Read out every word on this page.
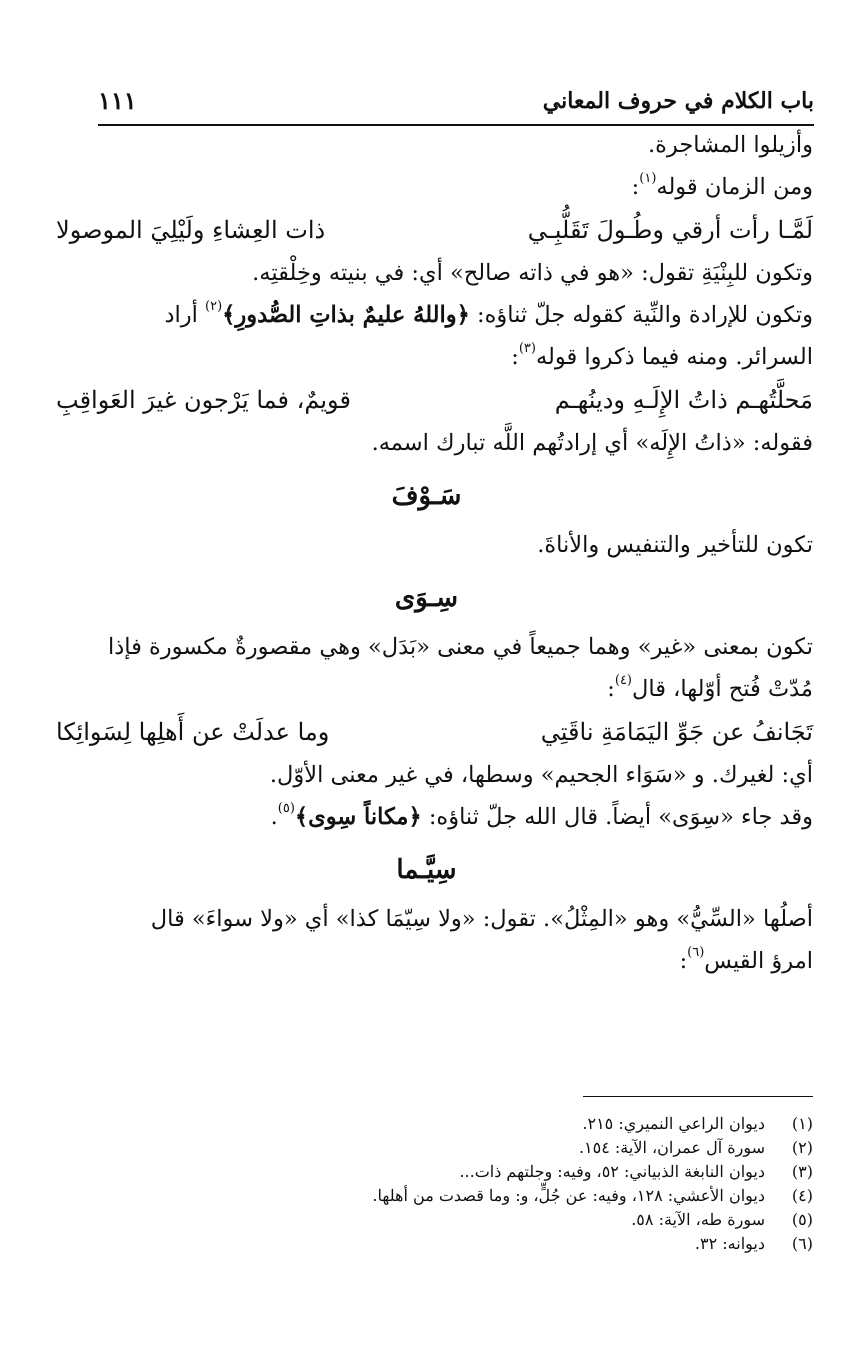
باب الكلام في حروف المعاني
١١١

وأزيلوا المشاجرة.

ومن الزمان قوله$^{(١)}$:

لَمَّـا رأت أرقي وطُـولَ تَقَلُّبِـي
ذات العِشاءِ ولَيْلِيَ الموصولا

وتكون للبِنْيَةِ تقول: «هو في ذاته صالح» أي: في بنيته وخِلْقتِه.

وتكون للإرادة والنِّية كقوله جلّ ثناؤه: ﴿واللهُ عليمٌ بذاتِ الصُّدورِ﴾$^{(٢)}$ أراد

السرائر. ومنه فيما ذكروا قوله$^{(٣)}$:

مَحلَّتُهـم ذاتُ الإِلَـهِ ودينُهـم
قويمٌ، فما يَرْجون غيرَ العَواقِبِ

فقوله: «ذاتُ الإِلَه» أي إرادتُهم اللَّه تبارك اسمه.

سَـوْفَ

تكون للتأخير والتنفيس والأناةَ.

سِـوَى

تكون بمعنى «غير» وهما جميعاً في معنى «بَدَل» وهي مقصورةٌ مكسورة فإذا

مُدّتْ فُتح أوّلها، قال$^{(٤)}$:

تَجَانفُ عن جَوِّ اليَمَامَةِ ناقَتِي
وما عدلَتْ عن أَهلِها لِسَوائِكا

أي: لغيرك. و «سَوَاء الجحيم» وسطها، في غير معنى الأوّل.

وقد جاء «سِوَى» أيضاً. قال الله جلّ ثناؤه: ﴿مكاناً سِوى﴾$^{(٥)}$.

سِيَّـما

أصلُها «السِّيُّ» وهو «المِثْلُ». تقول: «ولا سِيّمَا كذا» أي «ولا سواءَ» قال

امرؤ القيس$^{(٦)}$:

(١)
ديوان الراعي النميري: ٢١٥.

(٢)
سورة آل عمران، الآية: ١٥٤.

(٣)
ديوان النابغة الذبياني: ٥٢، وفيه: وجلتهم ذات...

(٤)
ديوان الأعشي: ١٢٨، وفيه: عن جُلٍّ، و: وما قصدت من أهلها.

(٥)
سورة طه، الآية: ٥٨.

(٦)
ديوانه: ٣٢.
